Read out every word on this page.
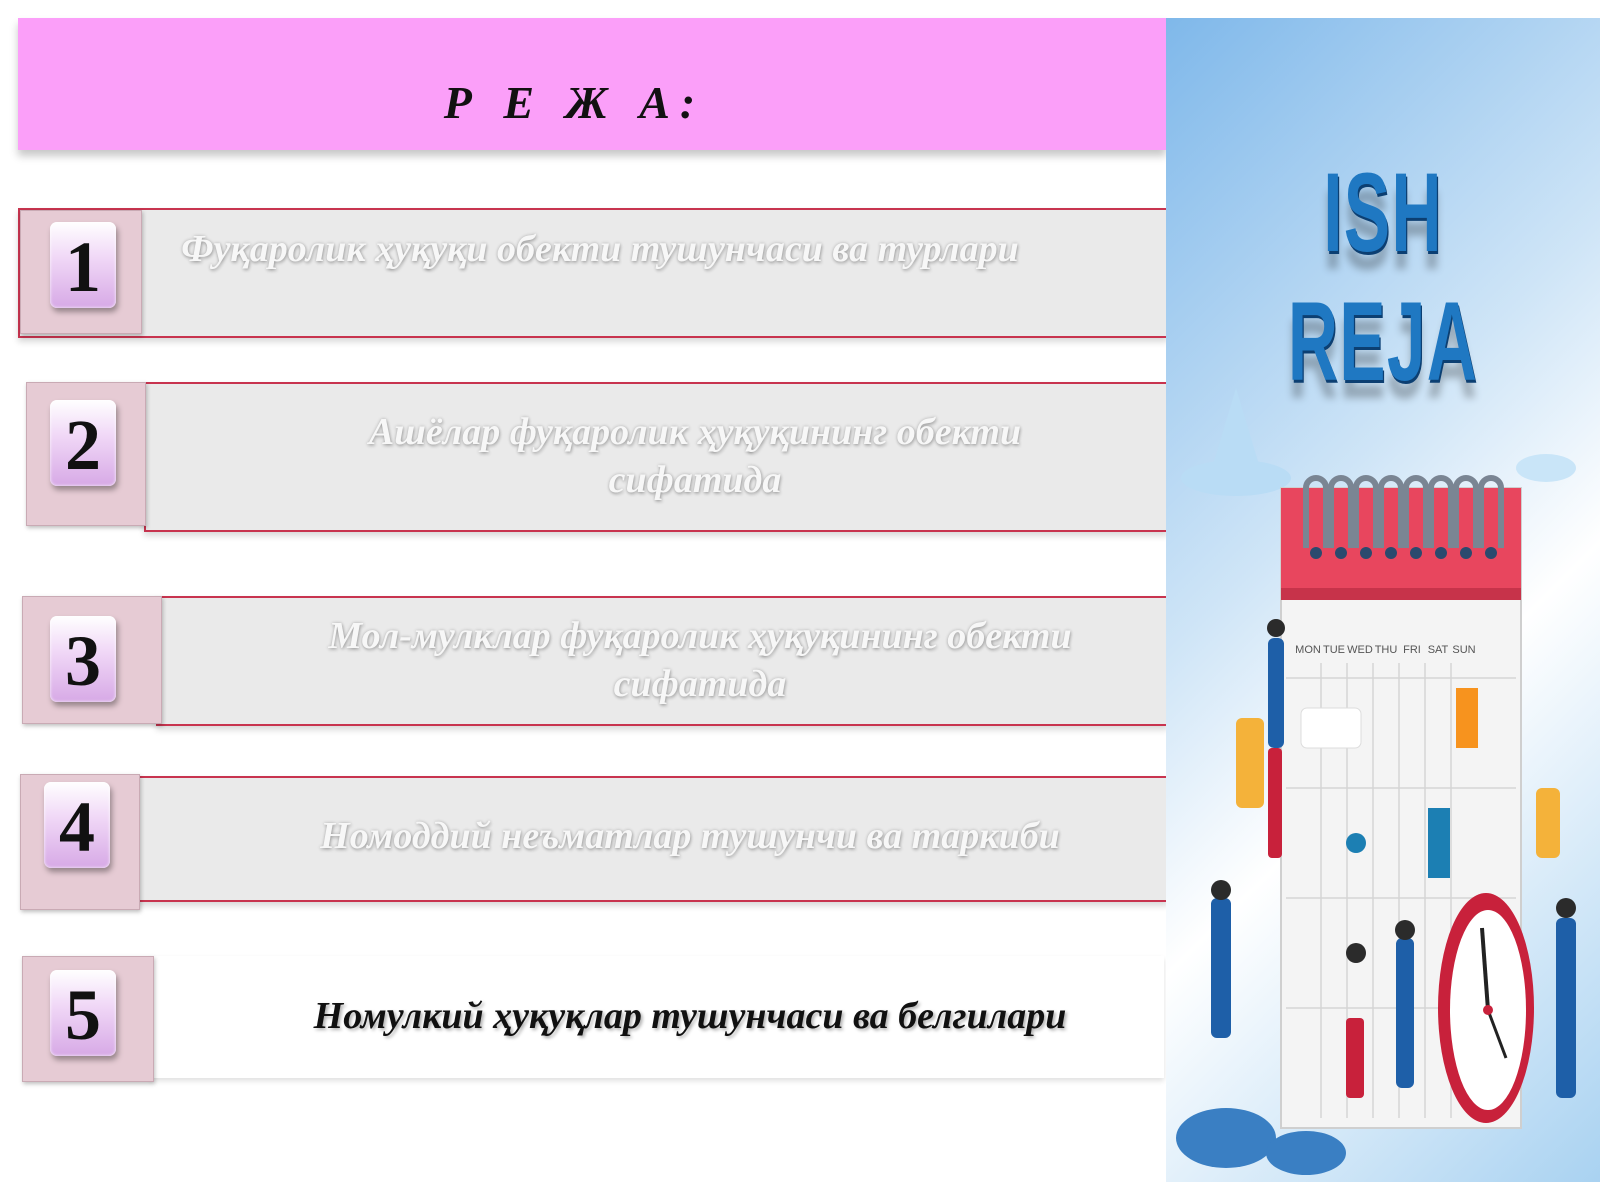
Р Е Ж А:
1	Фуқаролик ҳуқуқи обекти тушунчаси ва турлари
2	Ашёлар фуқаролик ҳуқуқининг обекти сифатида
3	Мол-мулклар фуқаролик ҳуқуқининг обекти сифатида
4	Номоддий неъматлар тушунчи ва таркиби
5	Номулкий ҳуқуқлар тушунчаси ва белгилари
ISH REJA
MON TUE WED THU FRI SAT SUN
